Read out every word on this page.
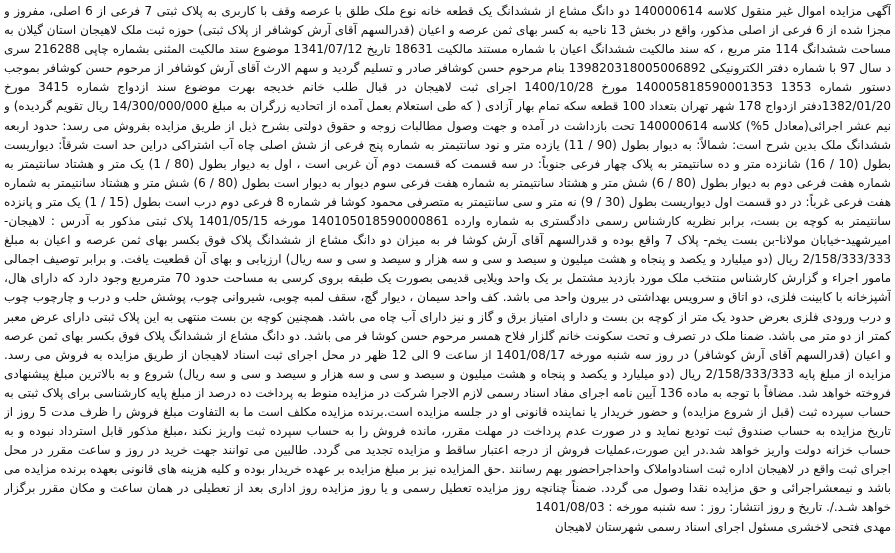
آگهی مزایده اموال غیر منقول کلاسه 140000614 دو دانگ مشاع از ششدانگ یک قطعه خانه نوع ملک طلق با عرصه وقف با کاربری به پلاک ثبتی 7 فرعی از 6 اصلی، مفروز و مجزا شده از 6 فرعی از اصلی مذکور، واقع در بخش 13 ناحیه به کسر بهای ثمن عرصه و اعیان (قدرالسهم آقای آرش کوشافر از پلاک ثبتی) حوزه ثبت ملک لاهیجان استان گیلان به مساحت ششدانگ 114 متر مربع ، که سند مالکیت ششدانگ اعیان با شماره مستند مالکیت 18631 تاریخ 1341/07/12 موضوع سند مالکیت المثنی بشماره چاپی 216288 سری د سال 97 با شماره دفتر الکترونیکی 139820318005006892 بنام مرحوم حسن کوشافر صادر و تسلیم گردید و سهم الارث آقای آرش کوشافر از مرحوم حسن کوشافر بموجب دستور شماره 1353 140005818590001353 مورخ 1400/10/28 اجرای ثبت لاهیجان در قبال طلب خانم خدیجه بهرت موضوع سند ازدواج شماره 3415 مورخ 1382/01/20دفتر ازدواج 178 شهر تهران بتعداد 100 قطعه سکه تمام بهار آزادی ( که طی استعلام بعمل آمده از اتحادیه زرگران به مبلغ 14/300/000/000 ریال تقویم گردیده) و نیم عشر اجرائی(معادل 5%) کلاسه 140000614 تحت بازداشت در آمده و جهت وصول مطالبات زوجه و حقوق دولتی بشرح ذیل از طریق مزایده بفروش می رسد: حدود اربعه ششدانگ ملک بدین شرح است: شمالاً: به دیوار بطول (90 / 11) یازده متر و نود سانتیمتر به شماره پنج فرعی از شش اصلی چاه آب اشتراکی دراین حد است شرقاً: دیواریست بطول (10 / 16) شانزده متر و ده سانتیمتر به پلاک چهار فرعی جنوباً: در سه قسمت که قسمت دوم آن غربی است ، اول به دیوار بطول (80 / 1) یک متر و هشتاد سانتیمتر به شماره هفت فرعی دوم به دیوار بطول (80 / 6) شش متر و هشتاد سانتیمتر به شماره هفت فرعی سوم دیوار به دیوار است بطول (80 / 6) شش متر و هشتاد سانتیمتر به شماره هفت فرعی غرباً: در دو قسمت اول دیواریست بطول (30 / 9) نه متر و سی سانتیمتر به متصرفی محمود کوشا فر شماره 8 فرعی دوم درب است بطول (15 / 1) یک متر و پانزده سانتیمتر به کوچه بن بست، برابر نظریه کارشناس رسمی دادگستری به شماره وارده 140105018590000861 مورخه 1401/05/15 پلاک ثبتی مذکور به آدرس : لاهیجان-امیرشهید-خیابان مولانا-بن بست یخم- پلاک 7 واقع بوده و قدرالسهم آقای آرش کوشا فر به میزان دو دانگ مشاع از ششدانگ پلاک فوق بکسر بهای ثمن عرصه و اعیان به مبلغ 2/158/333/333 ریال (دو میلیارد و یکصد و پنجاه و هشت میلیون و سیصد و سی و سه هزار و سیصد و سی و سه ریال) ارزیابی و بهای آن قطعیت یافت. و برابر توصیف اجمالی مامور اجراء و گزارش کارشناس منتخب ملک مورد بازدید مشتمل بر یک واحد ویلایی قدیمی بصورت یک طبقه بروی کرسی به مساحت حدود 70 مترمربع وجود دارد که دارای هال، آشپزخانه با کابینت فلزی، دو اتاق و سرویس بهداشتی در بیرون واحد می باشد. کف واحد سیمان ، دیوار گچ، سقف لمبه چوبی، شیروانی چوب، پوشش حلب و درب و چارچوب چوب و درب ورودی فلزی بعرض حدود یک متر از کوچه بن بست و دارای امتیاز برق و گاز و نیز دارای آب چاه می باشد. همچنین کوچه بن بست منتهی به این پلاک ثبتی دارای عرض معبر کمتر از دو متر می باشد. ضمنا ملک در تصرف و تحت سکونت خانم گلزار فلاح همسر مرحوم حسن کوشا فر می باشد. دو دانگ مشاع از ششدانگ پلاک فوق بکسر بهای ثمن عرصه و اعیان (قدرالسهم آقای آرش کوشافر) در روز سه شنبه مورخه 1401/08/17 از ساعت 9 الی 12 ظهر در محل اجرای ثبت اسناد لاهیجان از طریق مزایده به فروش می رسد. مزایده از مبلغ پایه 2/158/333/333 ریال (دو میلیارد و یکصد و پنجاه و هشت میلیون و سیصد و سی و سه هزار و سیصد و سی و سه ریال) شروع و به بالاترین مبلغ پیشنهادی فروخته خواهد شد. مضافاً با توجه به ماده 136 آیین نامه اجرای مفاد اسناد رسمی لازم الاجرا شرکت در مزایده منوط به پرداخت ده درصد از مبلغ پایه کارشناسی برای پلاک ثبتی به حساب سپرده ثبت (قبل از شروع مزایده) و حضور خریدار یا نماینده قانونی او در جلسه مزایده است.برنده مزایده مکلف است ما به التفاوت مبلغ فروش را ظرف مدت 5 روز از تاریخ مزایده به حساب صندوق ثبت تودیع نماید و در صورت عدم پرداخت در مهلت مقرر، مانده فروش را به حساب سپرده ثبت واریز نکند ،مبلغ مذکور قابل استرداد نبوده و به حساب خزانه دولت واریز خواهد شد.در این صورت،عملیات فروش از درجه اعتبار ساقط و مزایده تجدید می گردد. طالبین می توانند جهت خرید در روز و ساعت مقرر در محل اجرای ثبت واقع در لاهیجان اداره ثبت اسنادواملاک واحداجراحضور بهم رسانند .حق المزایده نیز بر مبلغ مزایده بر عهده خریدار بوده و کلیه هزینه های قانونی بعهده برنده مزایده می باشد و نیمعشراجرائی و حق مزایده نقدا وصول می گردد. ضمناً چنانچه روز مزایده تعطیل رسمی و یا روز مزایده روز اداری بعد از تعطیلی در همان ساعت و مکان مقرر برگزار خواهد شـد./. تاریخ و روز انتشار: روز : سه شنبه مورخه : 1401/08/03

مهدی فتحی لاخشری مسئول اجرای اسناد رسمی شهرستان لاهیجان
